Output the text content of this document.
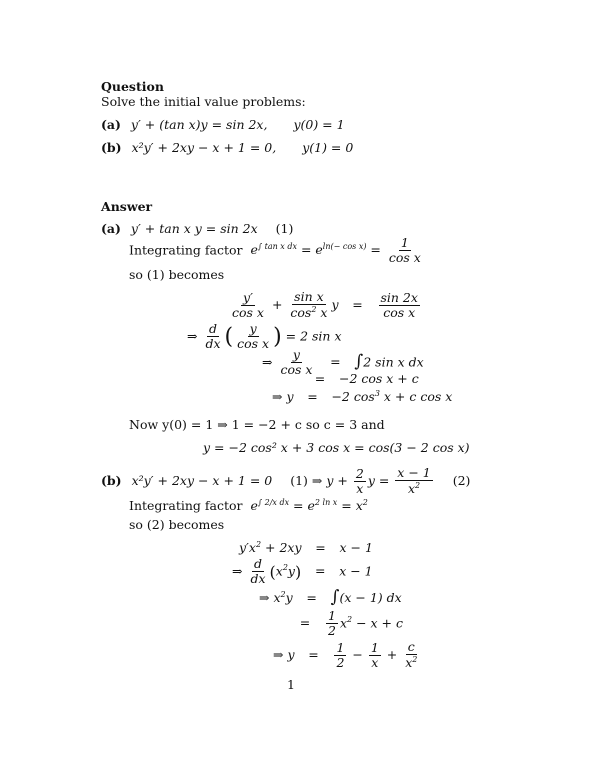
Question
Solve the initial value problems:
(a) y′ + (tan x)y = sin 2x, y(0) = 1
(b) x²y′ + 2xy − x + 1 = 0, y(1) = 0
Answer
(a) y′ + tan x y = sin 2x (1)
Integrating factor $e^{\int tan x dx} = e^{ln(- cos x)} = \frac{1}{\text{cos x}}$
so (1) becomes
$\frac{y'}{\text{cos x}} + \frac{\text{sin x}}{\cos^2 x}$ $y = \frac{\sin 2x}{\text{cos x}}$
⇒ $\frac{d}{dx}$ ( $\frac{y}{\text{cos x}}$ ) = 2 sin x
⇒ $\frac{y}{\text{cos x}} = \int 2$ sin x dx
= −2 cos x + c
⇒ y = −2 $\cos^3 x + c$ cos x
Now y(0) = 1 ⇒ 1 = −2 + c so c = 3 and
y = −2 cos² x + 3 cos x = cos(3 − 2 cos x)
(b) x²y′ + 2xy − x + 1 = 0 (1) ⇒ $y + \frac{2}{x}$ $y = \frac{x - 1}{x^2} (2)$
Integrating factor $e^{\int 2/x dx} = e^{2 ln x} = x^2$
so (2) becomes
$y'x^2 + 2xy = x - 1$
⇒ $\frac{d}{dx} (x^2y) = x - 1$
⇒ $x^2y = \int(x - 1)$ dx
= $\frac{1}{2} x^2 - x + c$
⇒ $y = \frac{1}{2} - \frac{1}{x} + \frac{c}{x^2}$
1
